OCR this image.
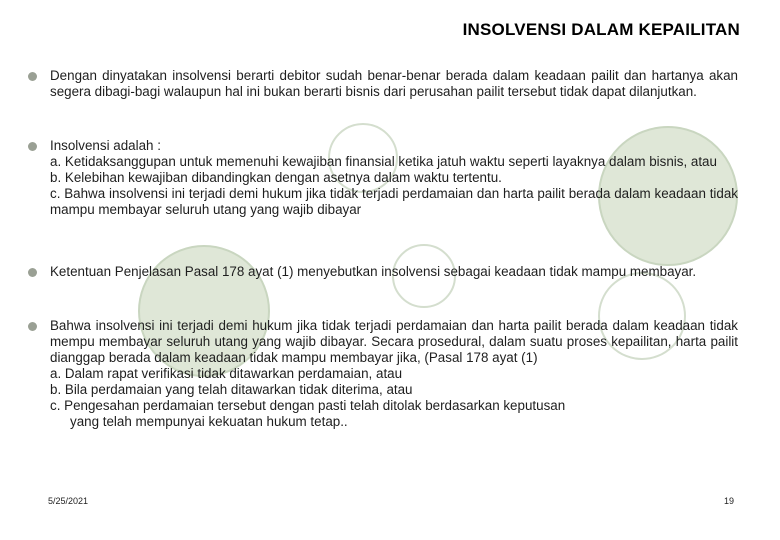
INSOLVENSI DALAM KEPAILITAN
Dengan dinyatakan insolvensi berarti debitor sudah benar-benar berada dalam keadaan pailit dan hartanya akan segera dibagi-bagi walaupun hal ini bukan berarti bisnis dari perusahan pailit tersebut tidak dapat dilanjutkan.
Insolvensi adalah :
a. Ketidaksanggupan untuk memenuhi kewajiban finansial ketika jatuh waktu seperti layaknya dalam bisnis, atau
b. Kelebihan kewajiban dibandingkan dengan asetnya dalam waktu tertentu.
c. Bahwa insolvensi ini terjadi demi hukum jika tidak terjadi perdamaian dan harta pailit berada dalam keadaan tidak mampu membayar seluruh utang yang wajib dibayar
Ketentuan Penjelasan Pasal 178 ayat (1) menyebutkan insolvensi sebagai keadaan tidak mampu membayar.
Bahwa insolvensi ini terjadi demi hukum jika tidak terjadi perdamaian dan harta pailit berada dalam keadaan tidak mempu membayar seluruh utang yang wajib dibayar. Secara prosedural, dalam suatu proses kepailitan, harta pailit dianggap berada dalam keadaan tidak mampu membayar jika, (Pasal 178 ayat (1)
a. Dalam rapat verifikasi tidak ditawarkan perdamaian, atau
b. Bila perdamaian yang telah ditawarkan tidak diterima, atau
c. Pengesahan perdamaian tersebut dengan pasti telah ditolak berdasarkan keputusan
yang telah mempunyai kekuatan hukum tetap..
5/25/2021	19
